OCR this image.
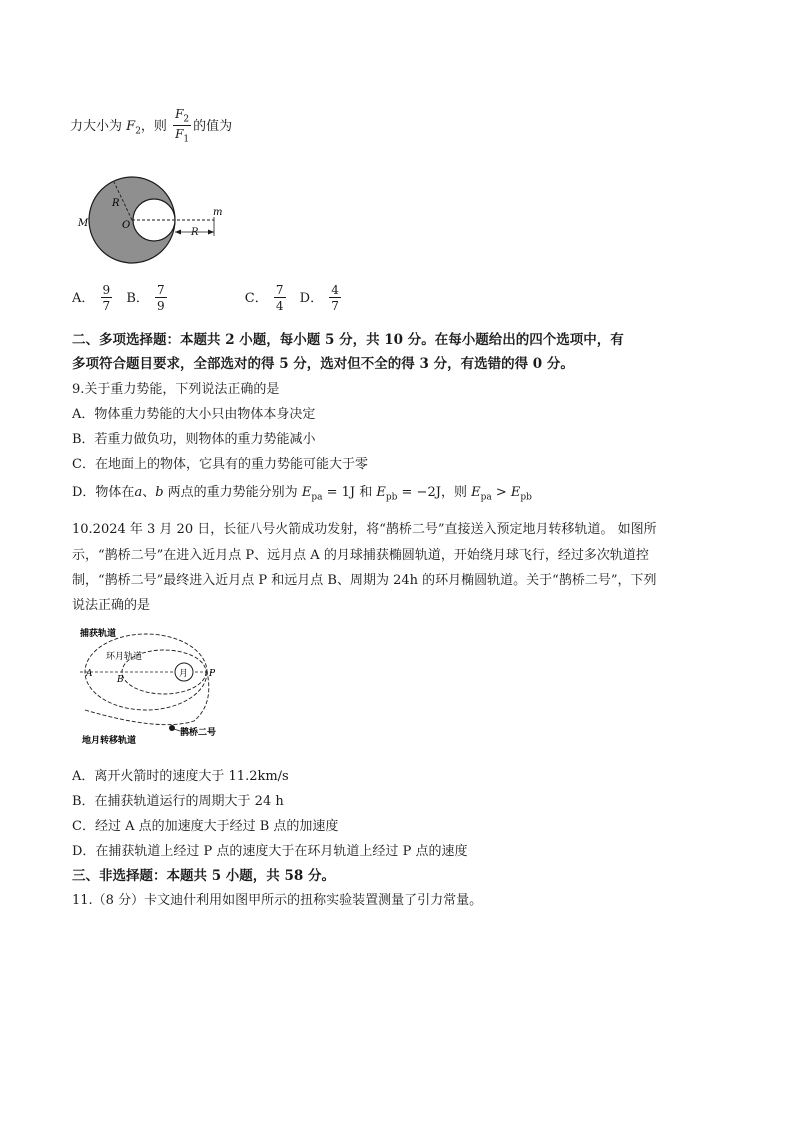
力大小为 $F_2$，则 $\frac{F_2}{F_1}$ 的值为
M
R
O
m
R
A． $\frac{9}{7}$ B． $\frac{7}{9}$	C． $\frac{7}{4}$ D． $\frac{4}{7}$
二、多项选择题：本题共 2 小题，每小题 5 分，共 10 分。在每小题给出的四个选项中，有
多项符合题目要求，全部选对的得 5 分，选对但不全的得 3 分，有选错的得 0 分。
9.关于重力势能，下列说法正确的是
A．物体重力势能的大小只由物体本身决定
B．若重力做负功，则物体的重力势能减小
C．在地面上的物体，它具有的重力势能可能大于零
D．物体在a、b 两点的重力势能分别为 $E_{pa} = 1J$ 和 $E_{pb} = -2J$，则 $E_{pa} > E_{pb}$
10.2024 年 3 月 20 日，长征八号火箭成功发射，将“鹊桥二号”直接送入预定地月转移轨道。 如图所
示，“鹊桥二号”在进入近月点 P、远月点 A 的月球捕获椭圆轨道，开始绕月球飞行，经过多次轨道控
制，“鹊桥二号”最终进入近月点 P 和远月点 B、周期为 24h 的环月椭圆轨道。关于“鹊桥二号”，下列
说法正确的是
捕获轨道
环月轨道
A
B
月 P
地月转移轨道
鹊桥二号
A．离开火箭时的速度大于 11.2km/s
B．在捕获轨道运行的周期大于 24 h
C．经过 A 点的加速度大于经过 B 点的加速度
D．在捕获轨道上经过 P 点的速度大于在环月轨道上经过 P 点的速度
三、非选择题：本题共 5 小题，共 58 分。
11.（8 分）卡文迪什利用如图甲所示的扭称实验装置测量了引力常量。
